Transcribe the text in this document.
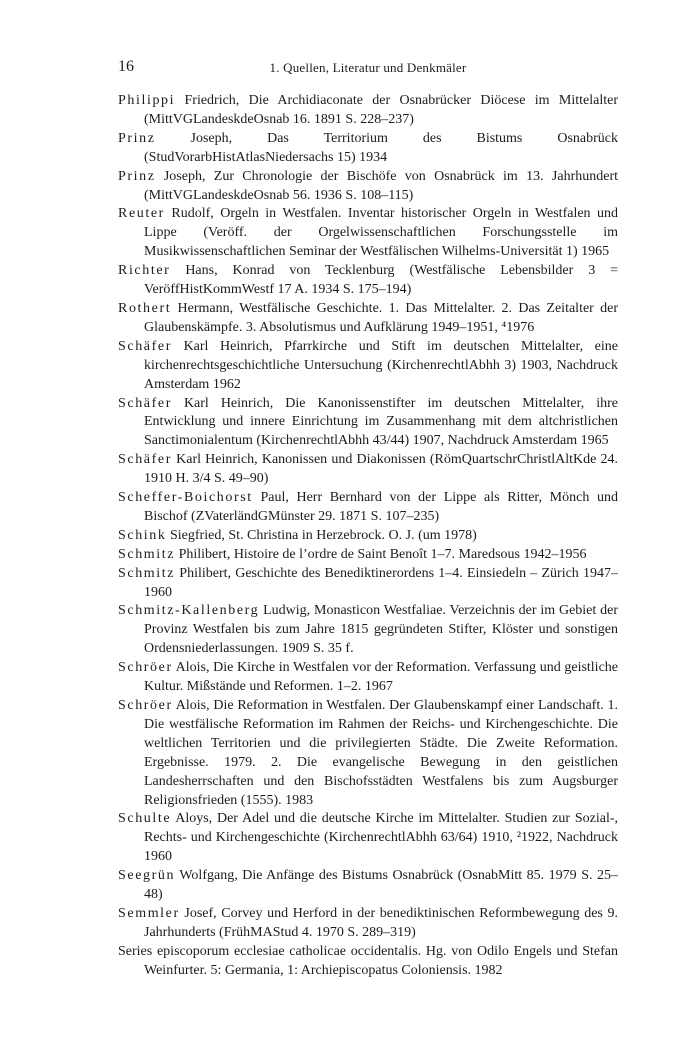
16	1. Quellen, Literatur und Denkmäler

Philippi Friedrich, Die Archidiaconate der Osnabrücker Diöcese im Mittelalter (MittVGLandeskdeOsnab 16. 1891 S. 228–237)

Prinz Joseph, Das Territorium des Bistums Osnabrück (StudVorarbHistAtlasNiedersachs 15) 1934

Prinz Joseph, Zur Chronologie der Bischöfe von Osnabrück im 13. Jahrhundert (MittVGLandeskdeOsnab 56. 1936 S. 108–115)

Reuter Rudolf, Orgeln in Westfalen. Inventar historischer Orgeln in Westfalen und Lippe (Veröff. der Orgelwissenschaftlichen Forschungsstelle im Musikwissenschaftlichen Seminar der Westfälischen Wilhelms-Universität 1) 1965

Richter Hans, Konrad von Tecklenburg (Westfälische Lebensbilder 3 = VeröffHistKommWestf 17 A. 1934 S. 175–194)

Rothert Hermann, Westfälische Geschichte. 1. Das Mittelalter. 2. Das Zeitalter der Glaubenskämpfe. 3. Absolutismus und Aufklärung 1949–1951, ⁴1976

Schäfer Karl Heinrich, Pfarrkirche und Stift im deutschen Mittelalter, eine kirchenrechtsgeschichtliche Untersuchung (KirchenrechtlAbhh 3) 1903, Nachdruck Amsterdam 1962

Schäfer Karl Heinrich, Die Kanonissenstifter im deutschen Mittelalter, ihre Entwicklung und innere Einrichtung im Zusammenhang mit dem altchristlichen Sanctimonialentum (KirchenrechtlAbhh 43/44) 1907, Nachdruck Amsterdam 1965

Schäfer Karl Heinrich, Kanonissen und Diakonissen (RömQuartschrChristlAltKde 24. 1910 H. 3/4 S. 49–90)

Scheffer-Boichorst Paul, Herr Bernhard von der Lippe als Ritter, Mönch und Bischof (ZVaterländGMünster 29. 1871 S. 107–235)

Schink Siegfried, St. Christina in Herzebrock. O. J. (um 1978)

Schmitz Philibert, Histoire de l’ordre de Saint Benoît 1–7. Maredsous 1942–1956

Schmitz Philibert, Geschichte des Benediktinerordens 1–4. Einsiedeln – Zürich 1947–1960

Schmitz-Kallenberg Ludwig, Monasticon Westfaliae. Verzeichnis der im Gebiet der Provinz Westfalen bis zum Jahre 1815 gegründeten Stifter, Klöster und sonstigen Ordensniederlassungen. 1909 S. 35 f.

Schröer Alois, Die Kirche in Westfalen vor der Reformation. Verfassung und geistliche Kultur. Mißstände und Reformen. 1–2. 1967

Schröer Alois, Die Reformation in Westfalen. Der Glaubenskampf einer Landschaft. 1. Die westfälische Reformation im Rahmen der Reichs- und Kirchengeschichte. Die weltlichen Territorien und die privilegierten Städte. Die Zweite Reformation. Ergebnisse. 1979. 2. Die evangelische Bewegung in den geistlichen Landesherrschaften und den Bischofsstädten Westfalens bis zum Augsburger Religionsfrieden (1555). 1983

Schulte Aloys, Der Adel und die deutsche Kirche im Mittelalter. Studien zur Sozial-, Rechts- und Kirchengeschichte (KirchenrechtlAbhh 63/64) 1910, ²1922, Nachdruck 1960

Seegrün Wolfgang, Die Anfänge des Bistums Osnabrück (OsnabMitt 85. 1979 S. 25–48)

Semmler Josef, Corvey und Herford in der benediktinischen Reformbewegung des 9. Jahrhunderts (FrühMAStud 4. 1970 S. 289–319)

Series episcoporum ecclesiae catholicae occidentalis. Hg. von Odilo Engels und Stefan Weinfurter. 5: Germania, 1: Archiepiscopatus Coloniensis. 1982
